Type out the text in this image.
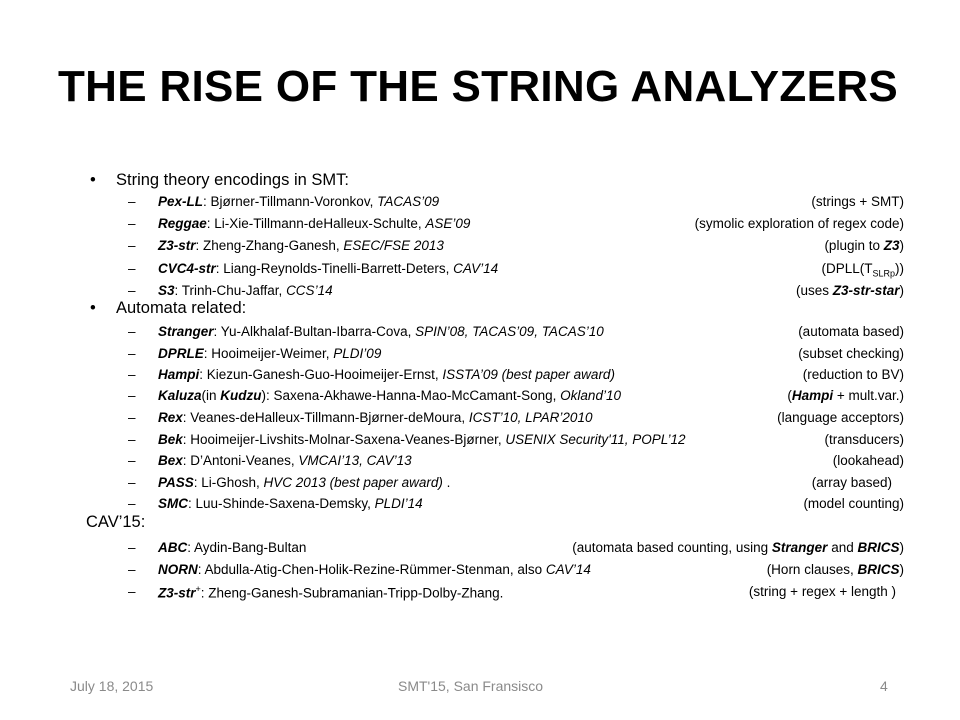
THE RISE OF THE STRING ANALYZERS
• String theory encodings in SMT:
– Pex-LL: Bjørner-Tillmann-Voronkov, TACAS’09	(strings + SMT)
– Reggae: Li-Xie-Tillmann-deHalleux-Schulte, ASE’09	(symolic exploration of regex code)
– Z3-str: Zheng-Zhang-Ganesh, ESEC/FSE 2013	(plugin to Z3)
– CVC4-str: Liang-Reynolds-Tinelli-Barrett-Deters, CAV’14	$(DPLL(T_{SLRp}))$
– S3: Trinh-Chu-Jaffar, CCS’14	(uses Z3-str-star)
• Automata related:
– Stranger: Yu-Alkhalaf-Bultan-Ibarra-Cova, SPIN’08, TACAS’09, TACAS’10	(automata based)
– DPRLE: Hooimeijer-Weimer, PLDI’09	(subset checking)
– Hampi: Kiezun-Ganesh-Guo-Hooimeijer-Ernst, ISSTA’09 (best paper award)	(reduction to BV)
– Kaluza(in Kudzu): Saxena-Akhawe-Hanna-Mao-McCamant-Song, Okland’10	(Hampi + mult.var.)
– Rex: Veanes-deHalleux-Tillmann-Bjørner-deMoura, ICST’10, LPAR’2010	(language acceptors)
– Bek: Hooimeijer-Livshits-Molnar-Saxena-Veanes-Bjørner, USENIX Security'11, POPL’12	(transducers)
– Bex: D’Antoni-Veanes, VMCAI’13, CAV’13	(lookahead)
– PASS: Li-Ghosh, HVC 2013 (best paper award) .	(array based)
– SMC: Luu-Shinde-Saxena-Demsky, PLDI’14	(model counting)
CAV’15:
– ABC: Aydin-Bang-Bultan	(automata based counting, using Stranger and BRICS)
– NORN: Abdulla-Atig-Chen-Holik-Rezine-Rümmer-Stenman, also CAV’14	(Horn clauses, BRICS)
– Z3-str+: Zheng-Ganesh-Subramanian-Tripp-Dolby-Zhang.	(string + regex + length )
July 18, 2015	SMT'15, San Fransisco	4
